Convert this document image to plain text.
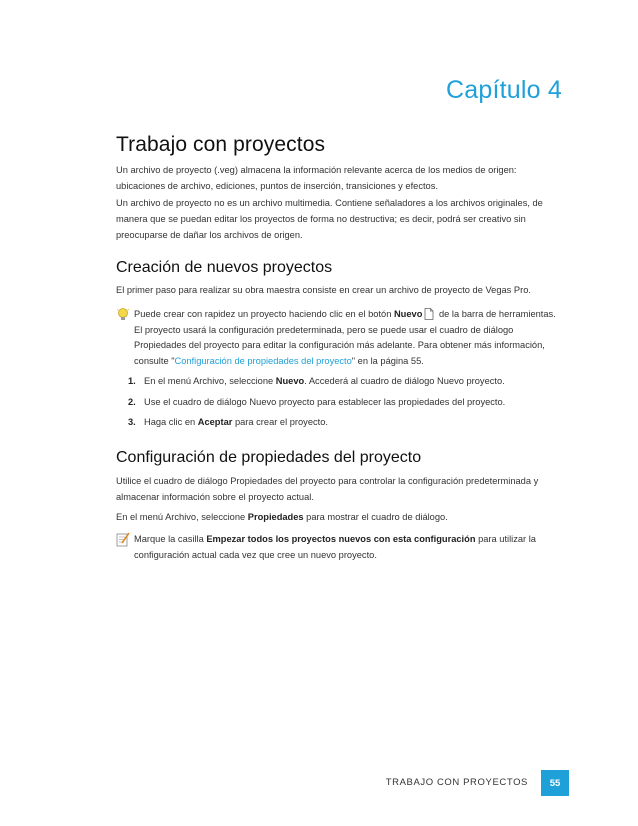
Capítulo 4
Trabajo con proyectos
Un archivo de proyecto (.veg) almacena la información relevante acerca de los medios de origen: ubicaciones de archivo, ediciones, puntos de inserción, transiciones y efectos.
Un archivo de proyecto no es un archivo multimedia. Contiene señaladores a los archivos originales, de manera que se puedan editar los proyectos de forma no destructiva; es decir, podrá ser creativo sin preocuparse de dañar los archivos de origen.
Creación de nuevos proyectos
El primer paso para realizar su obra maestra consiste en crear un archivo de proyecto de Vegas Pro.
Puede crear con rapidez un proyecto haciendo clic en el botón Nuevo de la barra de herramientas. El proyecto usará la configuración predeterminada, pero se puede usar el cuadro de diálogo Propiedades del proyecto para editar la configuración más adelante. Para obtener más información, consulte "Configuración de propiedades del proyecto" en la página 55.
1. En el menú Archivo, seleccione Nuevo. Accederá al cuadro de diálogo Nuevo proyecto.
2. Use el cuadro de diálogo Nuevo proyecto para establecer las propiedades del proyecto.
3. Haga clic en Aceptar para crear el proyecto.
Configuración de propiedades del proyecto
Utilice el cuadro de diálogo Propiedades del proyecto para controlar la configuración predeterminada y almacenar información sobre el proyecto actual.
En el menú Archivo, seleccione Propiedades para mostrar el cuadro de diálogo.
Marque la casilla Empezar todos los proyectos nuevos con esta configuración para utilizar la configuración actual cada vez que cree un nuevo proyecto.
TRABAJO CON PROYECTOS	55
